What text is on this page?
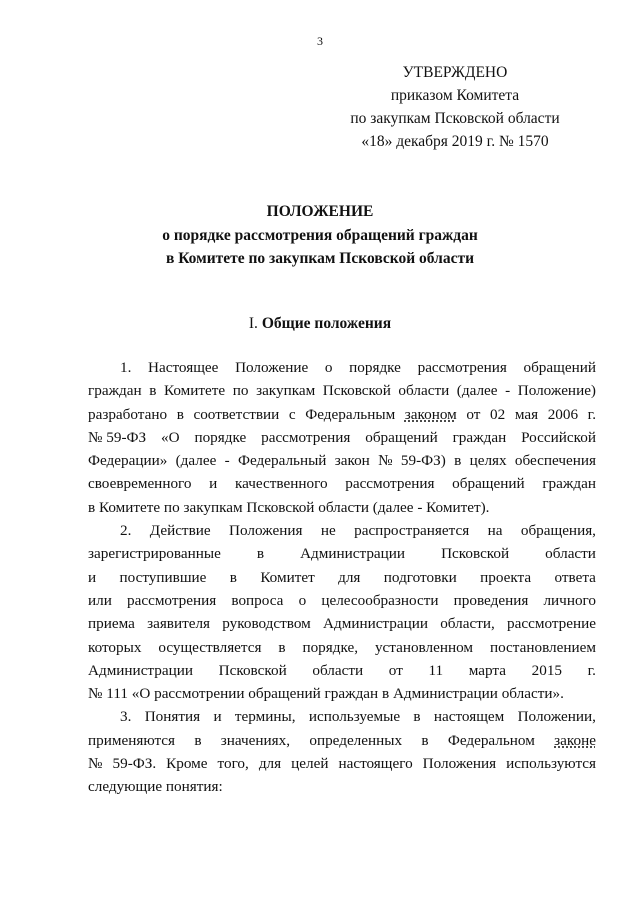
3
УТВЕРЖДЕНО
приказом Комитета
по закупкам Псковской области
«18» декабря 2019 г. № 1570
ПОЛОЖЕНИЕ
о порядке рассмотрения обращений граждан
в Комитете по закупкам Псковской области
I. Общие положения
1. Настоящее Положение о порядке рассмотрения обращений
граждан в Комитете по закупкам Псковской области (далее - Положение)
разработано в соответствии с Федеральным законом от 02 мая 2006 г.
№ 59-ФЗ «О порядке рассмотрения обращений граждан Российской
Федерации» (далее - Федеральный закон № 59-ФЗ) в целях обеспечения
своевременного и качественного рассмотрения обращений граждан
в Комитете по закупкам Псковской области (далее - Комитет).
2. Действие Положения не распространяется на обращения,
зарегистрированные в Администрации Псковской области
и поступившие в Комитет для подготовки проекта ответа
или рассмотрения вопроса о целесообразности проведения личного
приема заявителя руководством Администрации области, рассмотрение
которых осуществляется в порядке, установленном постановлением
Администрации Псковской области от 11 марта 2015 г.
№ 111 «О рассмотрении обращений граждан в Администрации области».
3. Понятия и термины, используемые в настоящем Положении,
применяются в значениях, определенных в Федеральном законе
№ 59-ФЗ. Кроме того, для целей настоящего Положения используются
следующие понятия:
